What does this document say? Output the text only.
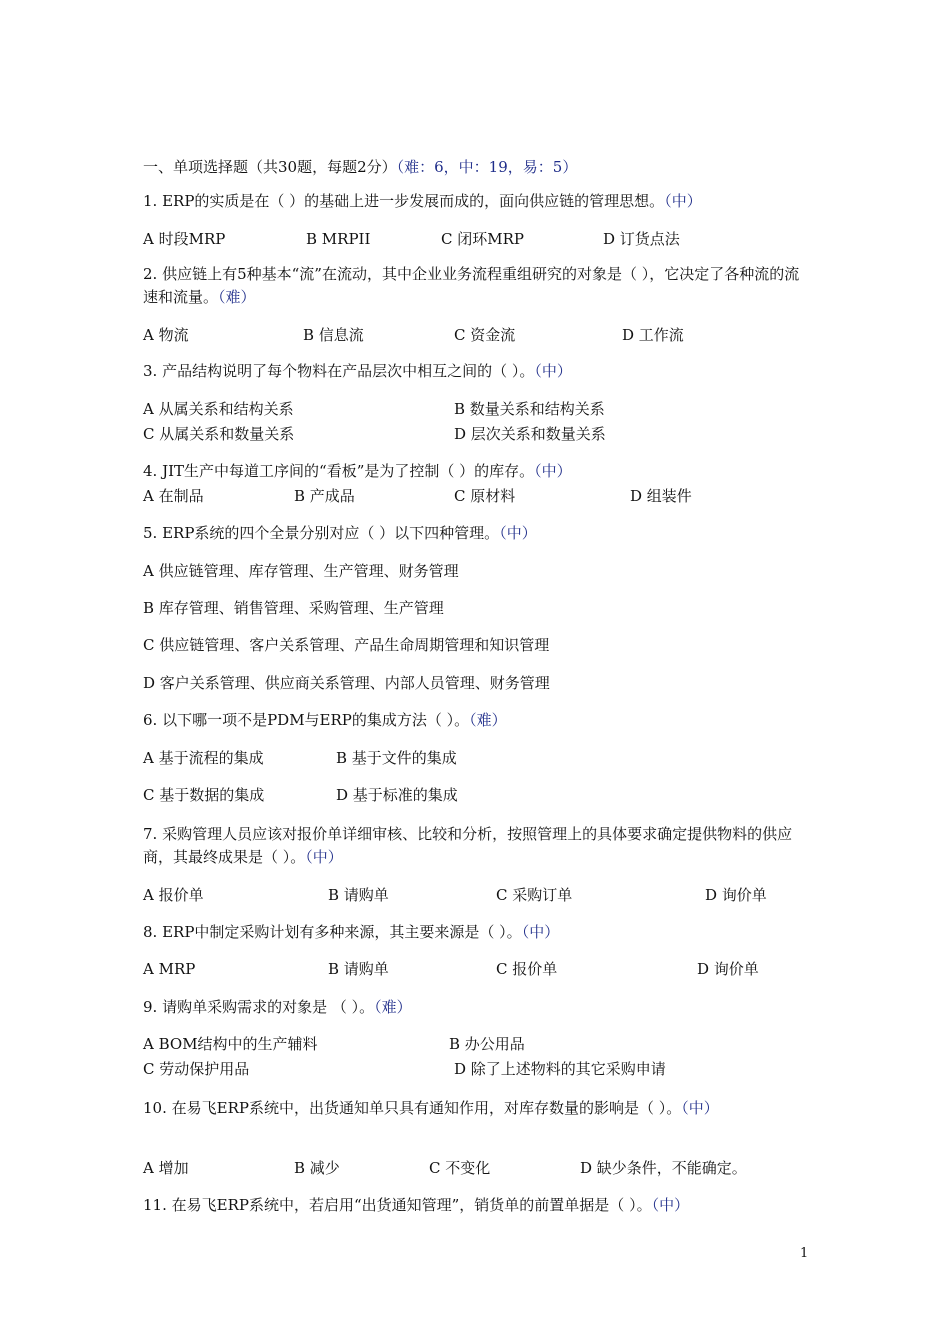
一、单项选择题（共30题，每题2分）（难：6，中：19，易：5）
1. ERP的实质是在（ ）的基础上进一步发展而成的，面向供应链的管理思想。（中）
A 时段MRP	B MRPII	C 闭环MRP	D 订货点法
2. 供应链上有5种基本“流”在流动，其中企业业务流程重组研究的对象是（ ），它决定了各种流的流速和流量。（难）
A 物流	B 信息流	C 资金流	D 工作流
3. 产品结构说明了每个物料在产品层次中相互之间的（ ）。（中）
A 从属关系和结构关系	B 数量关系和结构关系
C 从属关系和数量关系	D 层次关系和数量关系
4. JIT生产中每道工序间的“看板”是为了控制（ ）的库存。（中）
A 在制品	B 产成品	C 原材料	D 组装件
5. ERP系统的四个全景分别对应（ ）以下四种管理。（中）
A 供应链管理、库存管理、生产管理、财务管理
B 库存管理、销售管理、采购管理、生产管理
C 供应链管理、客户关系管理、产品生命周期管理和知识管理
D 客户关系管理、供应商关系管理、内部人员管理、财务管理
6. 以下哪一项不是PDM与ERP的集成方法（ ）。（难）
A 基于流程的集成	B 基于文件的集成
C 基于数据的集成	D 基于标准的集成
7. 采购管理人员应该对报价单详细审核、比较和分析，按照管理上的具体要求确定提供物料的供应商，其最终成果是（ ）。（中）
A 报价单	B 请购单	C 采购订单	D 询价单
8. ERP中制定采购计划有多种来源，其主要来源是（ ）。（中）
A MRP	B 请购单	C 报价单	D 询价单
9. 请购单采购需求的对象是 （ ）。（难）
A BOM结构中的生产辅料	B 办公用品
C 劳动保护用品	D 除了上述物料的其它采购申请
10. 在易飞ERP系统中，出货通知单只具有通知作用，对库存数量的影响是（ ）。（中）
A 增加	B 减少	C 不变化	D 缺少条件，不能确定。
11. 在易飞ERP系统中，若启用“出货通知管理”，销货单的前置单据是（ ）。（中）
1
